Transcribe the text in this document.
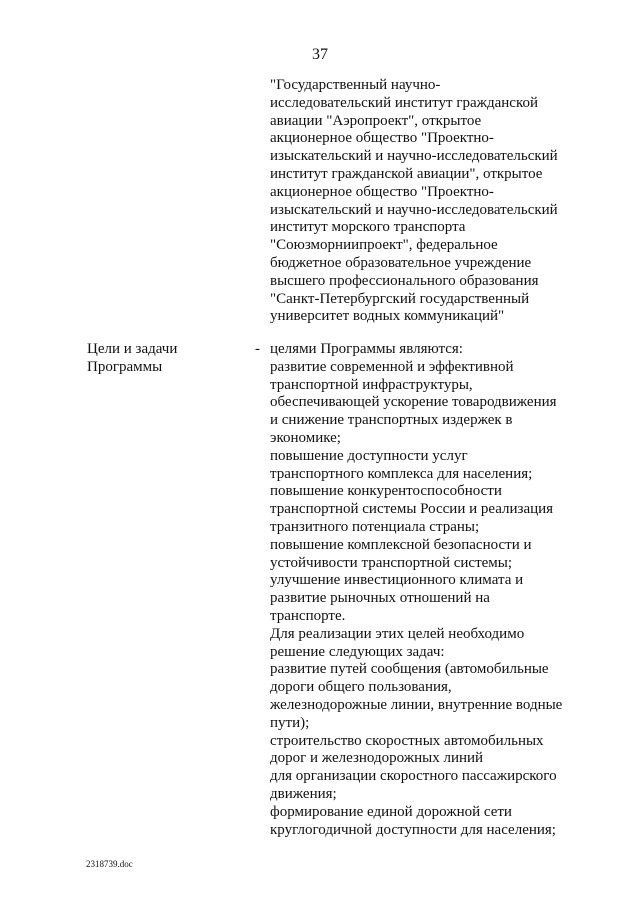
37
"Государственный научно-
исследовательский институт гражданской
авиации "Аэропроект", открытое
акционерное общество "Проектно-
изыскательский и научно-исследовательский
институт гражданской авиации", открытое
акционерное общество "Проектно-
изыскательский и научно-исследовательский
институт морского транспорта
"Союзморниипроект", федеральное
бюджетное образовательное учреждение
высшего профессионального образования
"Санкт-Петербургский государственный
университет водных коммуникаций"
Цели и задачи
Программы
- целями Программы являются:
развитие современной и эффективной
транспортной инфраструктуры,
обеспечивающей ускорение товародвижения
и снижение транспортных издержек в
экономике;
повышение доступности услуг
транспортного комплекса для населения;
повышение конкурентоспособности
транспортной системы России и реализация
транзитного потенциала страны;
повышение комплексной безопасности и
устойчивости транспортной системы;
улучшение инвестиционного климата и
развитие рыночных отношений на
транспорте.
Для реализации этих целей необходимо
решение следующих задач:
развитие путей сообщения (автомобильные
дороги общего пользования,
железнодорожные линии, внутренние водные
пути);
строительство скоростных автомобильных
дорог и железнодорожных линий
для организации скоростного пассажирского
движения;
формирование единой дорожной сети
круглогодичной доступности для населения;
2318739.doc
